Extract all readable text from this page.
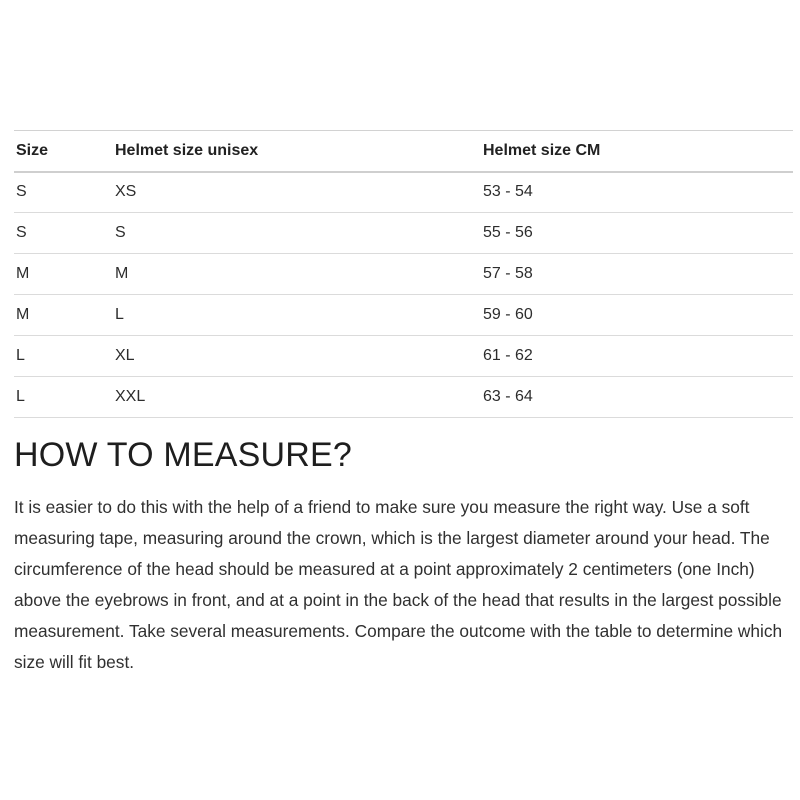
Size	Helmet size unisex	Helmet size CM
S	XS	53 - 54
S	S	55 - 56
M	M	57 - 58
M	L	59 - 60
L	XL	61 - 62
L	XXL	63 - 64
HOW TO MEASURE?

It is easier to do this with the help of a friend to make sure you measure the right way. Use a soft measuring tape, measuring around the crown, which is the largest diameter around your head. The circumference of the head should be measured at a point approximately 2 centimeters (one Inch) above the eyebrows in front, and at a point in the back of the head that results in the largest possible measurement. Take several measurements. Compare the outcome with the table to determine which size will fit best.
